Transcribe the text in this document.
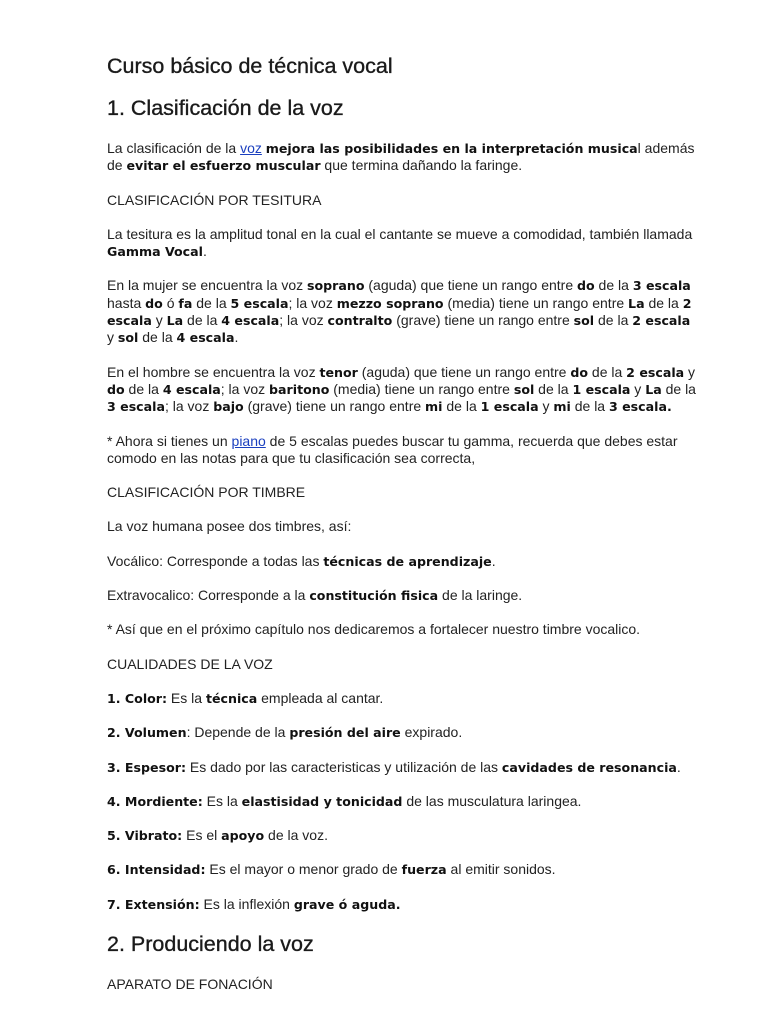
Curso básico de técnica vocal
1. Clasificación de la voz

La clasificación de la voz mejora las posibilidades en la interpretación musical además de evitar el esfuerzo muscular que termina dañando la faringe.

CLASIFICACIÓN POR TESITURA

La tesitura es la amplitud tonal en la cual el cantante se mueve a comodidad, también llamada Gamma Vocal.

En la mujer se encuentra la voz soprano (aguda) que tiene un rango entre do de la 3 escala hasta do ó fa de la 5 escala; la voz mezzo soprano (media) tiene un rango entre La de la 2 escala y La de la 4 escala; la voz contralto (grave) tiene un rango entre sol de la 2 escala y sol de la 4 escala.

En el hombre se encuentra la voz tenor (aguda) que tiene un rango entre do de la 2 escala y do de la 4 escala; la voz baritono (media) tiene un rango entre sol de la 1 escala y La de la 3 escala; la voz bajo (grave) tiene un rango entre mi de la 1 escala y mi de la 3 escala.

* Ahora si tienes un piano de 5 escalas puedes buscar tu gamma, recuerda que debes estar comodo en las notas para que tu clasificación sea correcta,

CLASIFICACIÓN POR TIMBRE

La voz humana posee dos timbres, así:

Vocálico: Corresponde a todas las técnicas de aprendizaje.

Extravocalico: Corresponde a la constitución fisica de la laringe.

* Así que en el próximo capítulo nos dedicaremos a fortalecer nuestro timbre vocalico.

CUALIDADES DE LA VOZ

1. Color: Es la técnica empleada al cantar.

2. Volumen: Depende de la presión del aire expirado.

3. Espesor: Es dado por las caracteristicas y utilización de las cavidades de resonancia.

4. Mordiente: Es la elastisidad y tonicidad de las musculatura laringea.

5. Vibrato: Es el apoyo de la voz.

6. Intensidad: Es el mayor o menor grado de fuerza al emitir sonidos.

7. Extensión: Es la inflexión grave ó aguda.

2. Produciendo la voz

APARATO DE FONACIÓN
